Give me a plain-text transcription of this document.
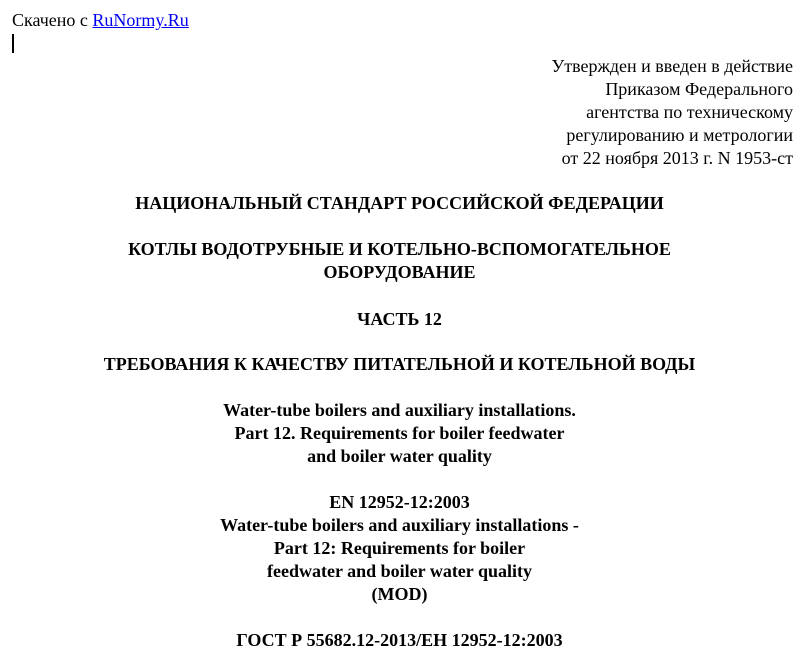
Скачено с RuNormy.Ru
Утвержден и введен в действие
Приказом Федерального
агентства по техническому
регулированию и метрологии
от 22 ноября 2013 г. N 1953-ст
НАЦИОНАЛЬНЫЙ СТАНДАРТ РОССИЙСКОЙ ФЕДЕРАЦИИ
КОТЛЫ ВОДОТРУБНЫЕ И КОТЕЛЬНО-ВСПОМОГАТЕЛЬНОЕ
ОБОРУДОВАНИЕ
ЧАСТЬ 12
ТРЕБОВАНИЯ К КАЧЕСТВУ ПИТАТЕЛЬНОЙ И КОТЕЛЬНОЙ ВОДЫ
Water-tube boilers and auxiliary installations.
Part 12. Requirements for boiler feedwater
and boiler water quality
EN 12952-12:2003
Water-tube boilers and auxiliary installations -
Part 12: Requirements for boiler
feedwater and boiler water quality
(MOD)
ГОСТ Р 55682.12-2013/ЕН 12952-12:2003
